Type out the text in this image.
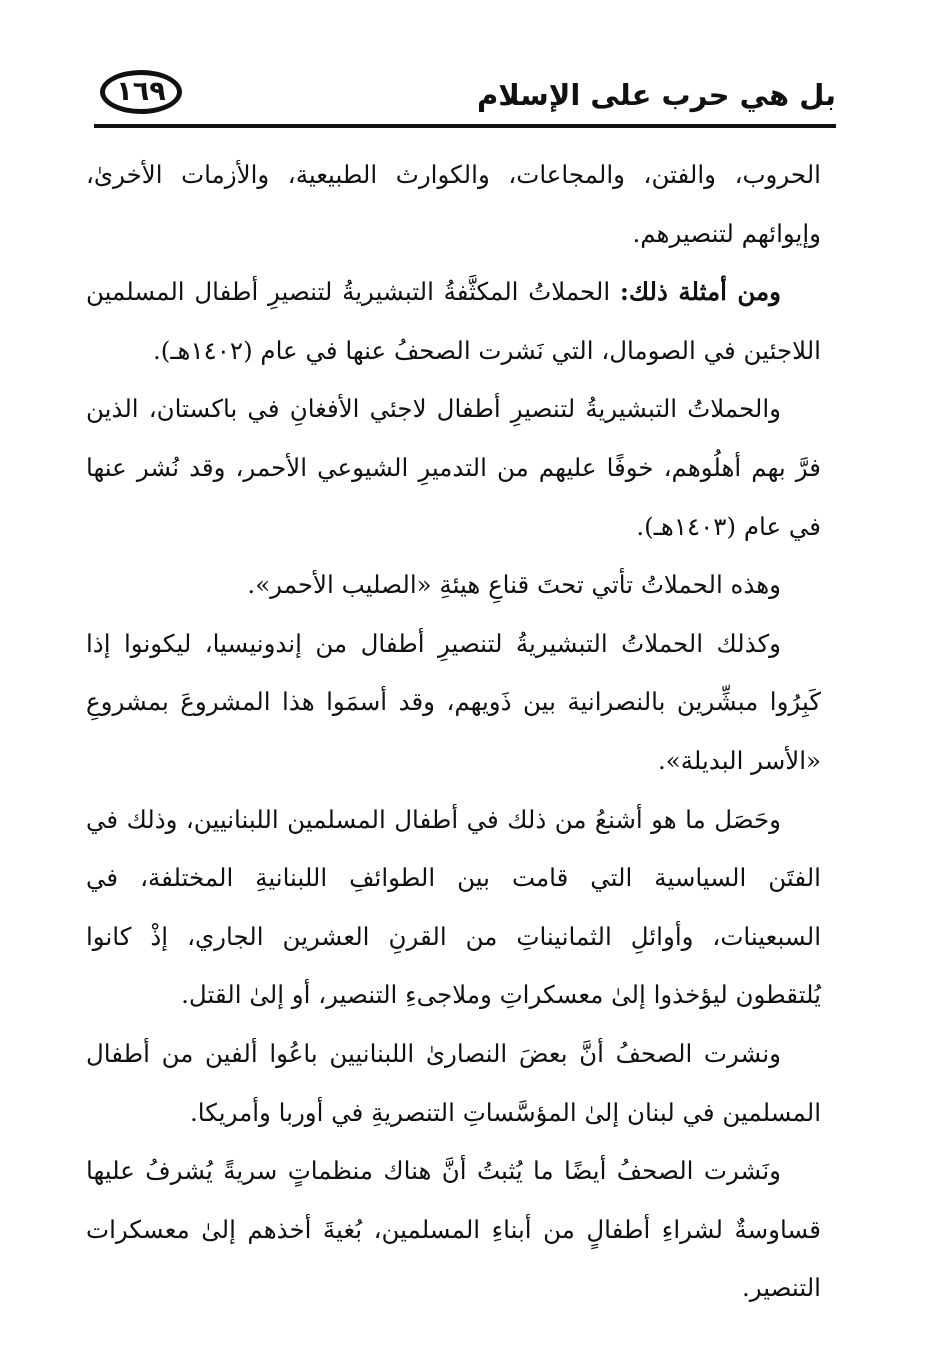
١٦٩	بل هي حرب على الإسلام

الحروب، والفتن، والمجاعات، والكوارث الطبيعية، والأزمات الأخرىٰ، وإيوائهم لتنصيرهم.

ومن أمثلة ذلك: الحملاتُ المكثَّفةُ التبشيريةُ لتنصيرِ أطفال المسلمين اللاجئين في الصومال، التي نَشرت الصحفُ عنها في عام (١٤٠٢هـ).

والحملاتُ التبشيريةُ لتنصيرِ أطفال لاجئي الأفغانِ في باكستان، الذين فرَّ بهم أهلُوهم، خوفًا عليهم من التدميرِ الشيوعي الأحمر، وقد نُشر عنها في عام (١٤٠٣هـ).

وهذه الحملاتُ تأتي تحتَ قناعِ هيئةِ «الصليب الأحمر».

وكذلك الحملاتُ التبشيريةُ لتنصيرِ أطفال من إندونيسيا، ليكونوا إذا كَبِرُوا مبشِّرين بالنصرانية بين ذَويهم، وقد أسمَوا هذا المشروعَ بمشروعِ «الأسر البديلة».

وحَصَل ما هو أشنعُ من ذلك في أطفال المسلمين اللبنانيين، وذلك في الفتَن السياسية التي قامت بين الطوائفِ اللبنانيةِ المختلفة، في السبعينات، وأوائلِ الثمانيناتِ من القرنِ العشرين الجاري، إذْ كانوا يُلتقطون ليؤخذوا إلىٰ معسكراتِ وملاجىءِ التنصير، أو إلىٰ القتل.

ونشرت الصحفُ أنَّ بعضَ النصارىٰ اللبنانيين باعُوا ألفين من أطفال المسلمين في لبنان إلىٰ المؤسَّساتِ التنصريةِ في أوربا وأمريكا.

ونَشرت الصحفُ أيضًا ما يُثبتُ أنَّ هناك منظماتٍ سريةً يُشرفُ عليها قساوسةٌ لشراءِ أطفالٍ من أبناءِ المسلمين، بُغيةَ أخذهم إلىٰ معسكرات التنصير.
